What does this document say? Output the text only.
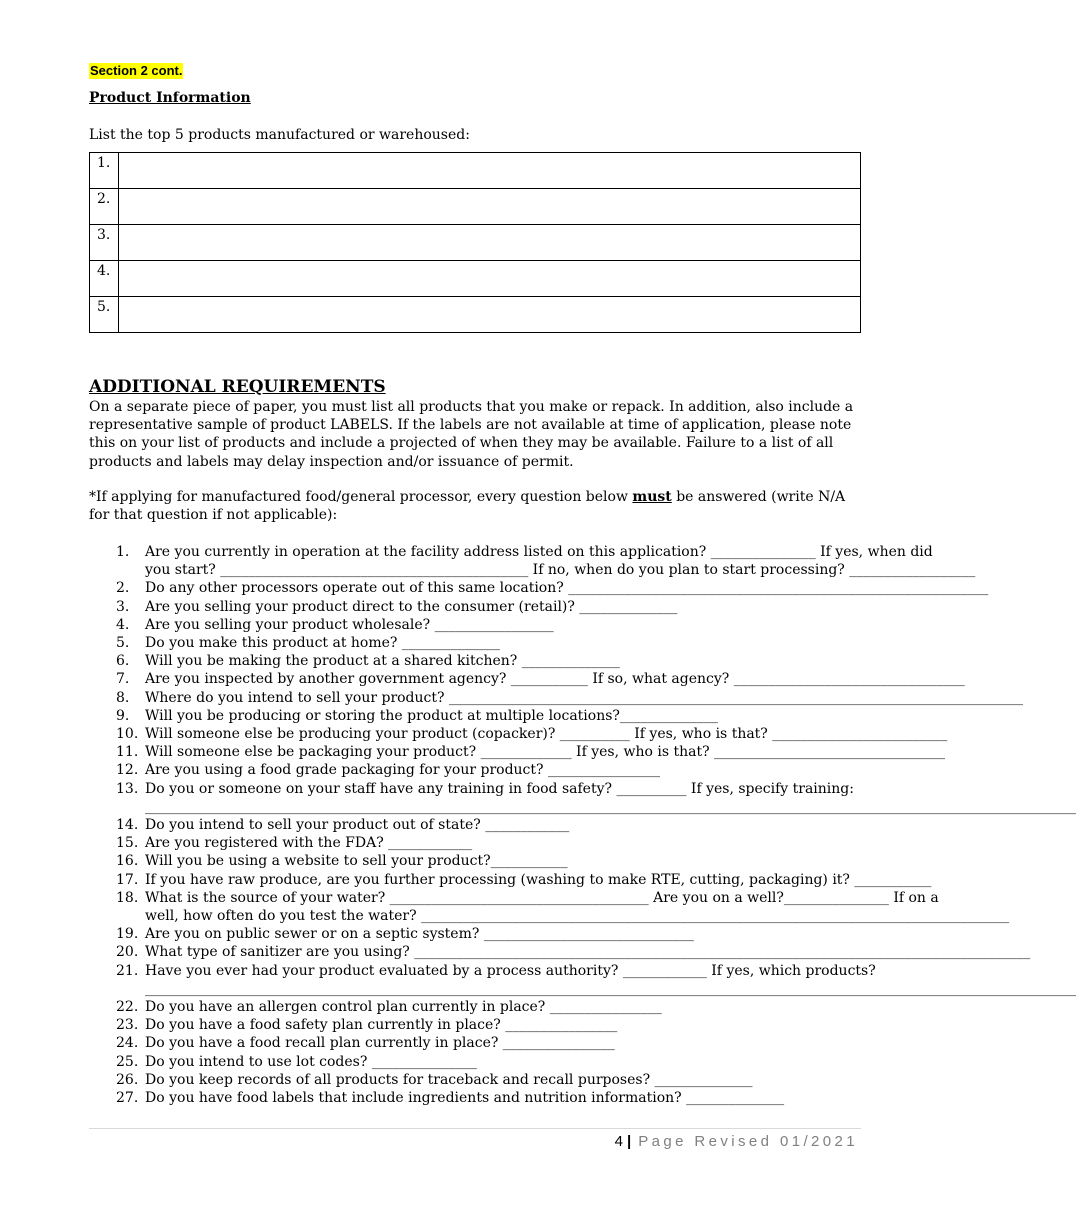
Section 2 cont.
Product Information
List the top 5 products manufactured or warehoused:
1.	
2.	
3.	
4.	
5.	
ADDITIONAL REQUIREMENTS
On a separate piece of paper, you must list all products that you make or repack. In addition, also include a representative sample of product LABELS. If the labels are not available at time of application, please note this on your list of products and include a projected of when they may be available. Failure to a list of all products and labels may delay inspection and/or issuance of permit.
*If applying for manufactured food/general processor, every question below must be answered (write N/A for that question if not applicable):
1. Are you currently in operation at the facility address listed on this application? _______________ If yes, when did
you start? ____________________________________________ If no, when do you plan to start processing? __________________
2. Do any other processors operate out of this same location? ____________________________________________________________
3. Are you selling your product direct to the consumer (retail)? ______________
4. Are you selling your product wholesale? _________________
5. Do you make this product at home? ______________
6. Will you be making the product at a shared kitchen? ______________
7. Are you inspected by another government agency? ___________ If so, what agency? _________________________________
8. Where do you intend to sell your product? __________________________________________________________________________________
9. Will you be producing or storing the product at multiple locations?______________
10. Will someone else be producing your product (copacker)? __________ If yes, who is that? _________________________
11. Will someone else be packaging your product? _____________ If yes, who is that? _________________________________
12. Are you using a food grade packaging for your product? ________________
13. Do you or someone on your staff have any training in food safety? __________ If yes, specify training:
_____________________________________________________________________________________________________________________________________
14. Do you intend to sell your product out of state? ____________
15. Are you registered with the FDA? ____________
16. Will you be using a website to sell your product?___________
17. If you have raw produce, are you further processing (washing to make RTE, cutting, packaging) it? ___________
18. What is the source of your water? _____________________________________ Are you on a well?_______________ If on a
well, how often do you test the water? ____________________________________________________________________________________
19. Are you on public sewer or on a septic system? ______________________________
20. What type of sanitizer are you using? ________________________________________________________________________________________
21. Have you ever had your product evaluated by a process authority? ____________ If yes, which products?
_____________________________________________________________________________________________________________________________________
22. Do you have an allergen control plan currently in place? ________________
23. Do you have a food safety plan currently in place? ________________
24. Do you have a food recall plan currently in place? ________________
25. Do you intend to use lot codes? _______________
26. Do you keep records of all products for traceback and recall purposes? ______________
27. Do you have food labels that include ingredients and nutrition information? ______________
4 | Page Revised 01/2021
